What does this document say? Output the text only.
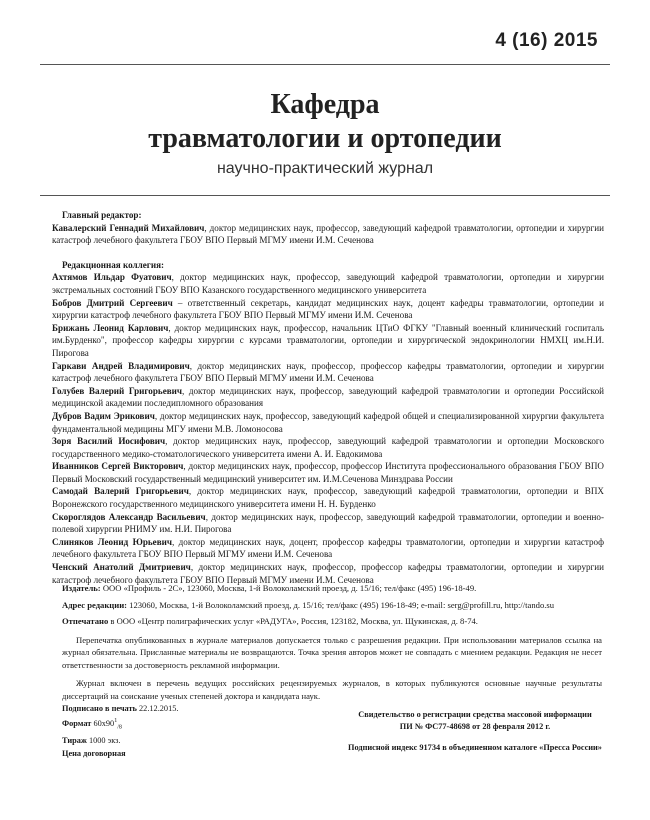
4 (16) 2015
Кафедра
травматологии и ортопедии
научно-практический журнал
Главный редактор:

Кавалерский Геннадий Михайлович, доктор медицинских наук, профессор, заведующий кафедрой травматологии, ортопедии и хирургии катастроф лечебного факультета ГБОУ ВПО Первый МГМУ имени И.М. Сеченова

Редакционная коллегия:

Ахтямов Ильдар Фуатович, доктор медицинских наук, профессор, заведующий кафедрой травматологии, ортопедии и хирургии экстремальных состояний ГБОУ ВПО Казанского государственного медицинского университета

Бобров Дмитрий Сергеевич – ответственный секретарь, кандидат медицинских наук, доцент кафедры травматологии, ортопедии и хирургии катастроф лечебного факультета ГБОУ ВПО Первый МГМУ имени И.М. Сеченова

Брижань Леонид Карлович, доктор медицинских наук, профессор, начальник ЦТиО ФГКУ "Главный военный клинический госпиталь им.Бурденко", профессор кафедры хирургии с курсами травматологии, ортопедии и хирургической эндокринологии НМХЦ им.Н.И. Пирогова

Гаркави Андрей Владимирович, доктор медицинских наук, профессор, профессор кафедры травматологии, ортопедии и хирургии катастроф лечебного факультета ГБОУ ВПО Первый МГМУ имени И.М. Сеченова

Голубев Валерий Григорьевич, доктор медицинских наук, профессор, заведующий кафедрой травматологии и ортопедии Российской медицинской академии последипломного образования

Дубров Вадим Эрикович, доктор медицинских наук, профессор, заведующий кафедрой общей и специализированной хирургии факультета фундаментальной медицины МГУ имени М.В. Ломоносова

Зоря Василий Иосифович, доктор медицинских наук, профессор, заведующий кафедрой травматологии и ортопедии Московского государственного медико-стоматологического университета имени А. И. Евдокимова

Иванников Сергей Викторович, доктор медицинских наук, профессор, профессор Института профессионального образования ГБОУ ВПО Первый Московский государственный медицинский университет им. И.М.Сеченова Минздрава России

Самодай Валерий Григорьевич, доктор медицинских наук, профессор, заведующий кафедрой травматологии, ортопедии и ВПХ Воронежского государственного медицинского университета имени Н. Н. Бурденко

Скороглядов Александр Васильевич, доктор медицинских наук, профессор, заведующий кафедрой травматологии, ортопедии и военно-полевой хирургии РНИМУ им. Н.И. Пирогова

Слиняков Леонид Юрьевич, доктор медицинских наук, доцент, профессор кафедры травматологии, ортопедии и хирургии катастроф лечебного факультета ГБОУ ВПО Первый МГМУ имени И.М. Сеченова

Ченский Анатолий Дмитриевич, доктор медицинских наук, профессор, профессор кафедры травматологии, ортопедии и хирургии катастроф лечебного факультета ГБОУ ВПО Первый МГМУ имени И.М. Сеченова

Издатель: ООО «Профиль - 2С», 123060, Москва, 1-й Волоколамский проезд, д. 15/16; тел/факс (495) 196-18-49.

Адрес редакции: 123060, Москва, 1-й Волоколамский проезд, д. 15/16; тел/факс (495) 196-18-49; e-mail: serg@profill.ru, http://tando.su

Отпечатано в ООО «Центр полиграфических услуг «РАДУГА», Россия, 123182, Москва, ул. Щукинская, д. 8-74.

Перепечатка опубликованных в журнале материалов допускается только с разрешения редакции. При использовании материалов ссылка на журнал обязательна. Присланные материалы не возвращаются. Точка зрения авторов может не совпадать с мнением редакции. Редакция не несет ответственности за достоверность рекламной информации.

Журнал включен в перечень ведущих российских рецензируемых журналов, в которых публикуются основные научные результаты диссертаций на соискание ученых степеней доктора и кандидата наук.

Подписано в печать 22.12.2015.
Формат $60х90^1_{/8}$
Тираж 1000 экз.
Цена договорная
Свидетельство о регистрации средства массовой информации
ПИ № ФС77-48698 от 28 февраля 2012 г.
Подписной индекс 91734 в объединенном каталоге «Пресса России»
